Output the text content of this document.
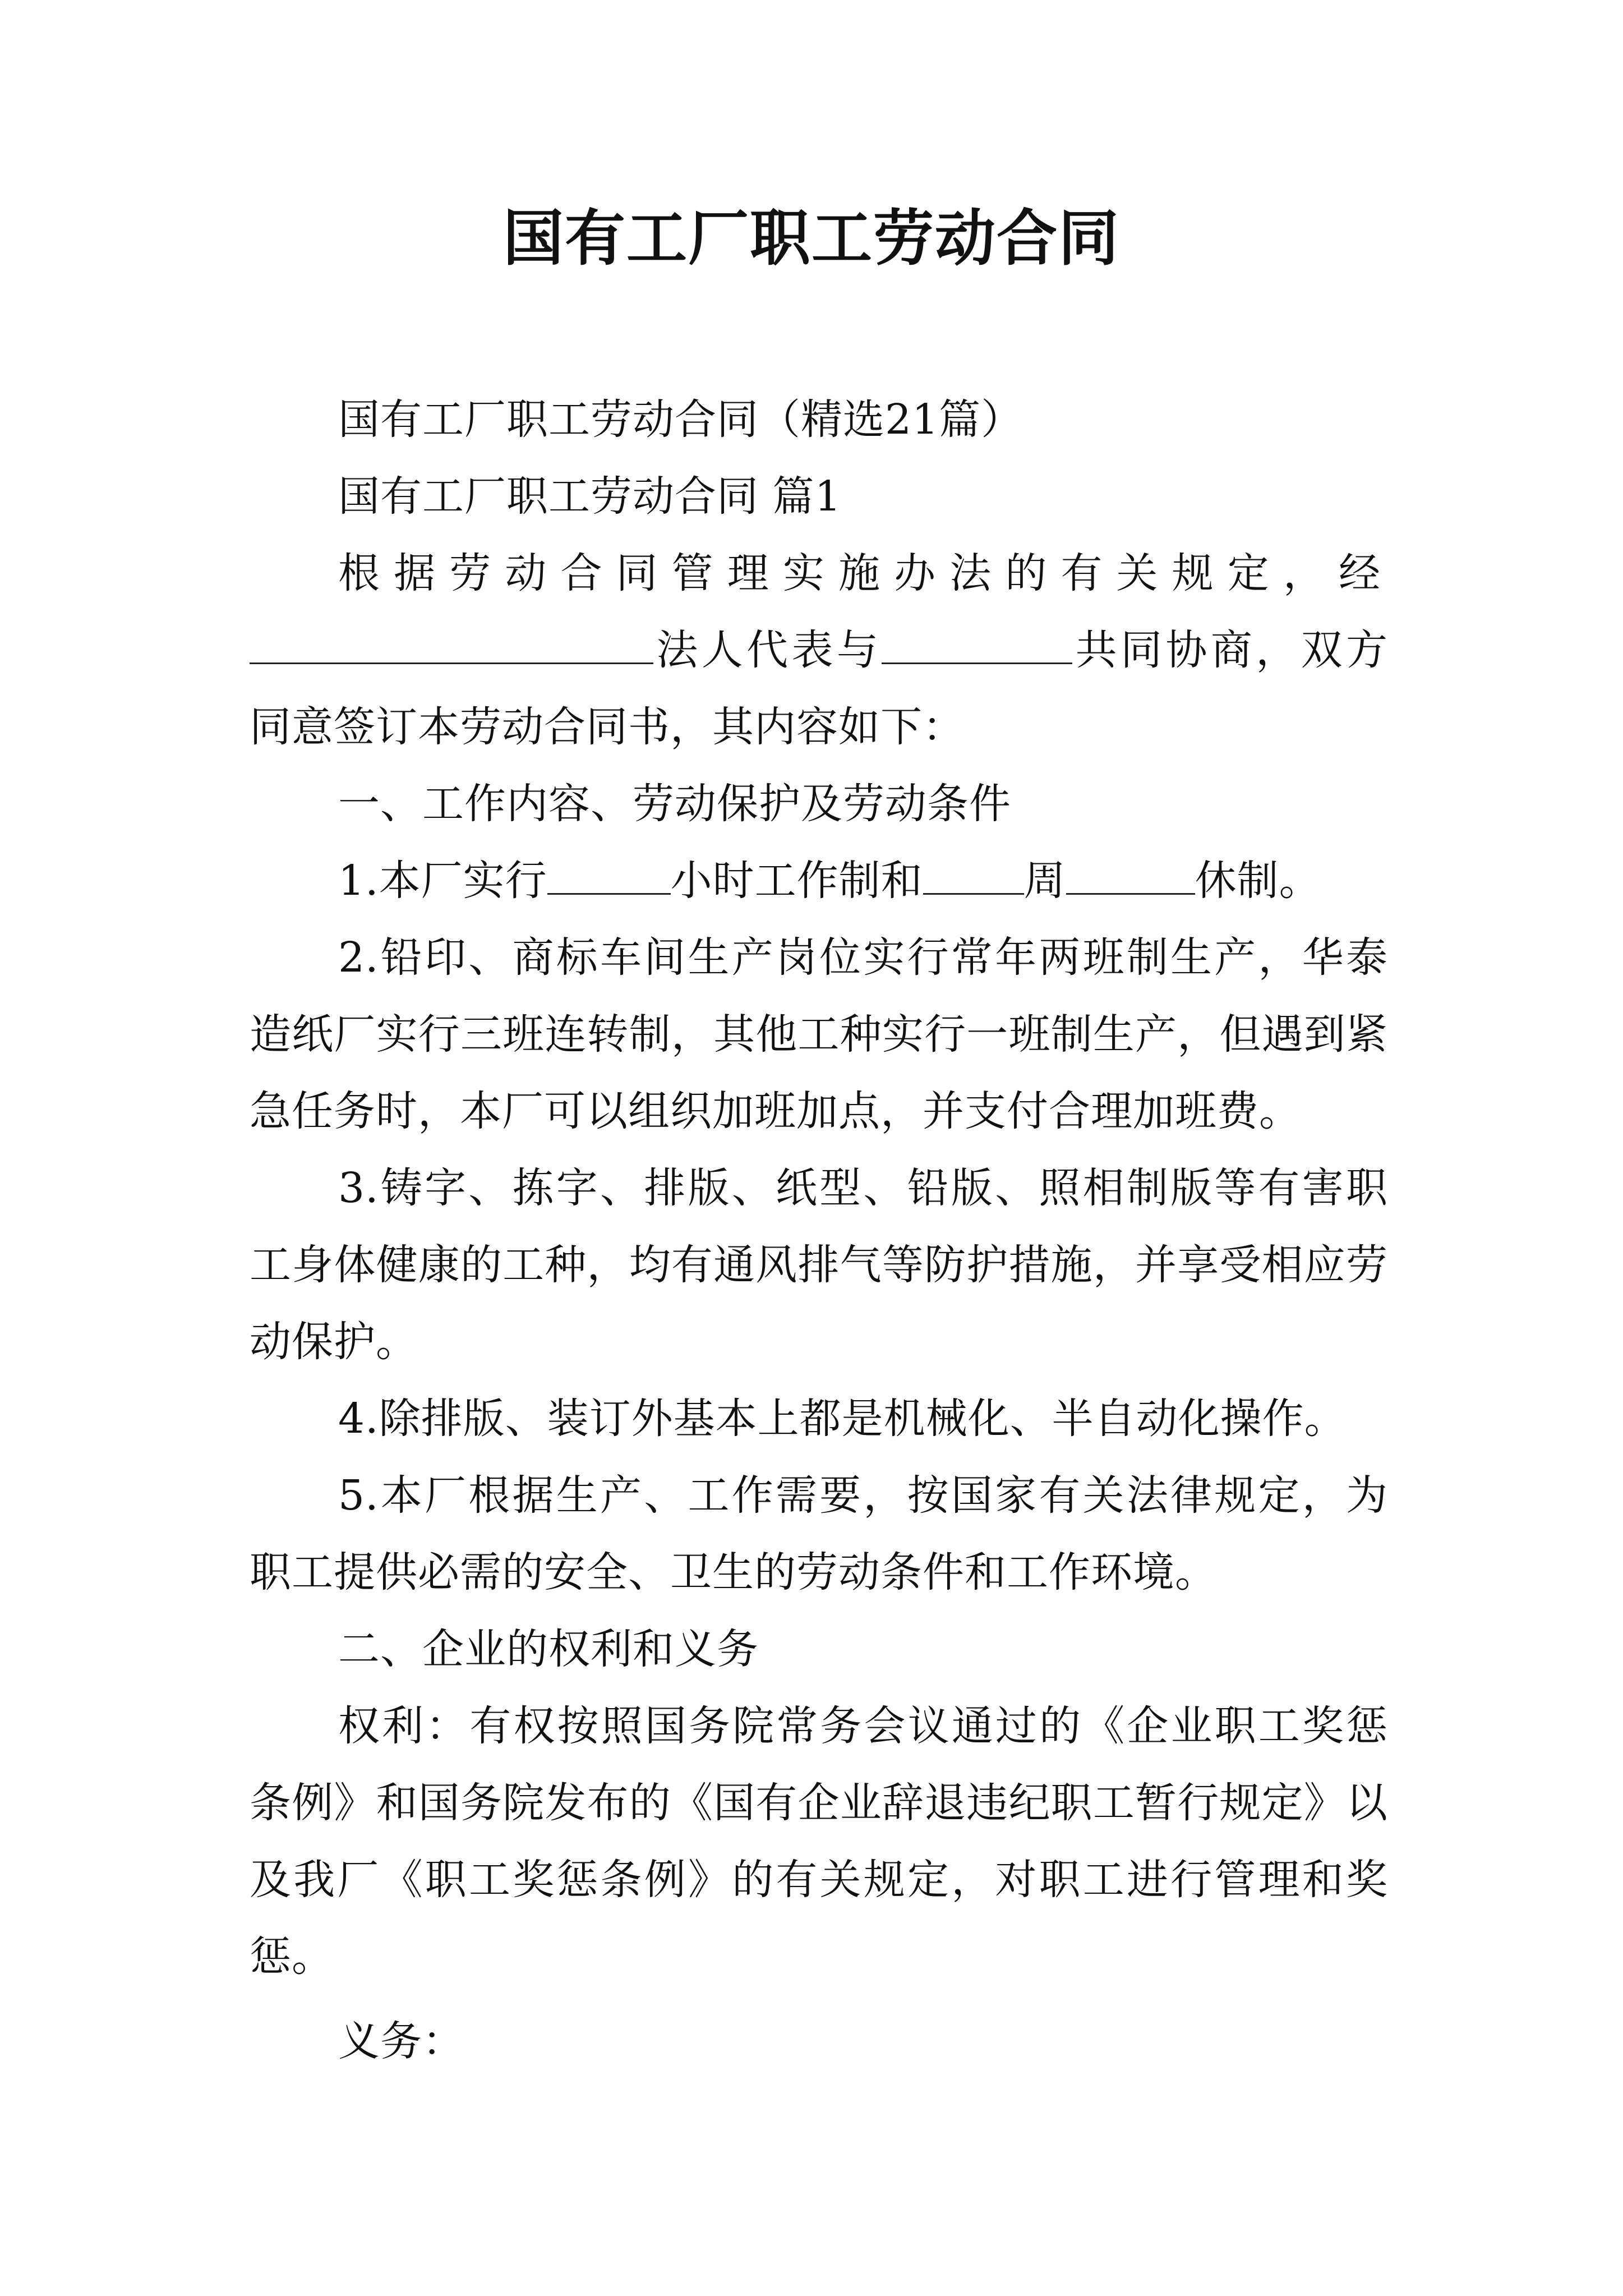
国有工厂职工劳动合同

国有工厂职工劳动合同（精选21篇）

国有工厂职工劳动合同 篇1

根据劳动合同管理实施办法的有关规定，经法人代表与	共同协商，双方同意签订本劳动合同书，其内容如下：

一、工作内容、劳动保护及劳动条件

1.本厂实行	小时工作制和 周	休制。

2.铅印、商标车间生产岗位实行常年两班制生产，华泰造纸厂实行三班连转制，其他工种实行一班制生产，但遇到紧急任务时，本厂可以组织加班加点，并支付合理加班费。

3.铸字、拣字、排版、纸型、铅版、照相制版等有害职工身体健康的工种，均有通风排气等防护措施，并享受相应劳动保护。

4.除排版、装订外基本上都是机械化、半自动化操作。

5.本厂根据生产、工作需要，按国家有关法律规定，为职工提供必需的安全、卫生的劳动条件和工作环境。

二、企业的权利和义务

权利：有权按照国务院常务会议通过的《企业职工奖惩条例》和国务院发布的《国有企业辞退违纪职工暂行规定》以及我厂《职工奖惩条例》的有关规定，对职工进行管理和奖惩。

义务：
